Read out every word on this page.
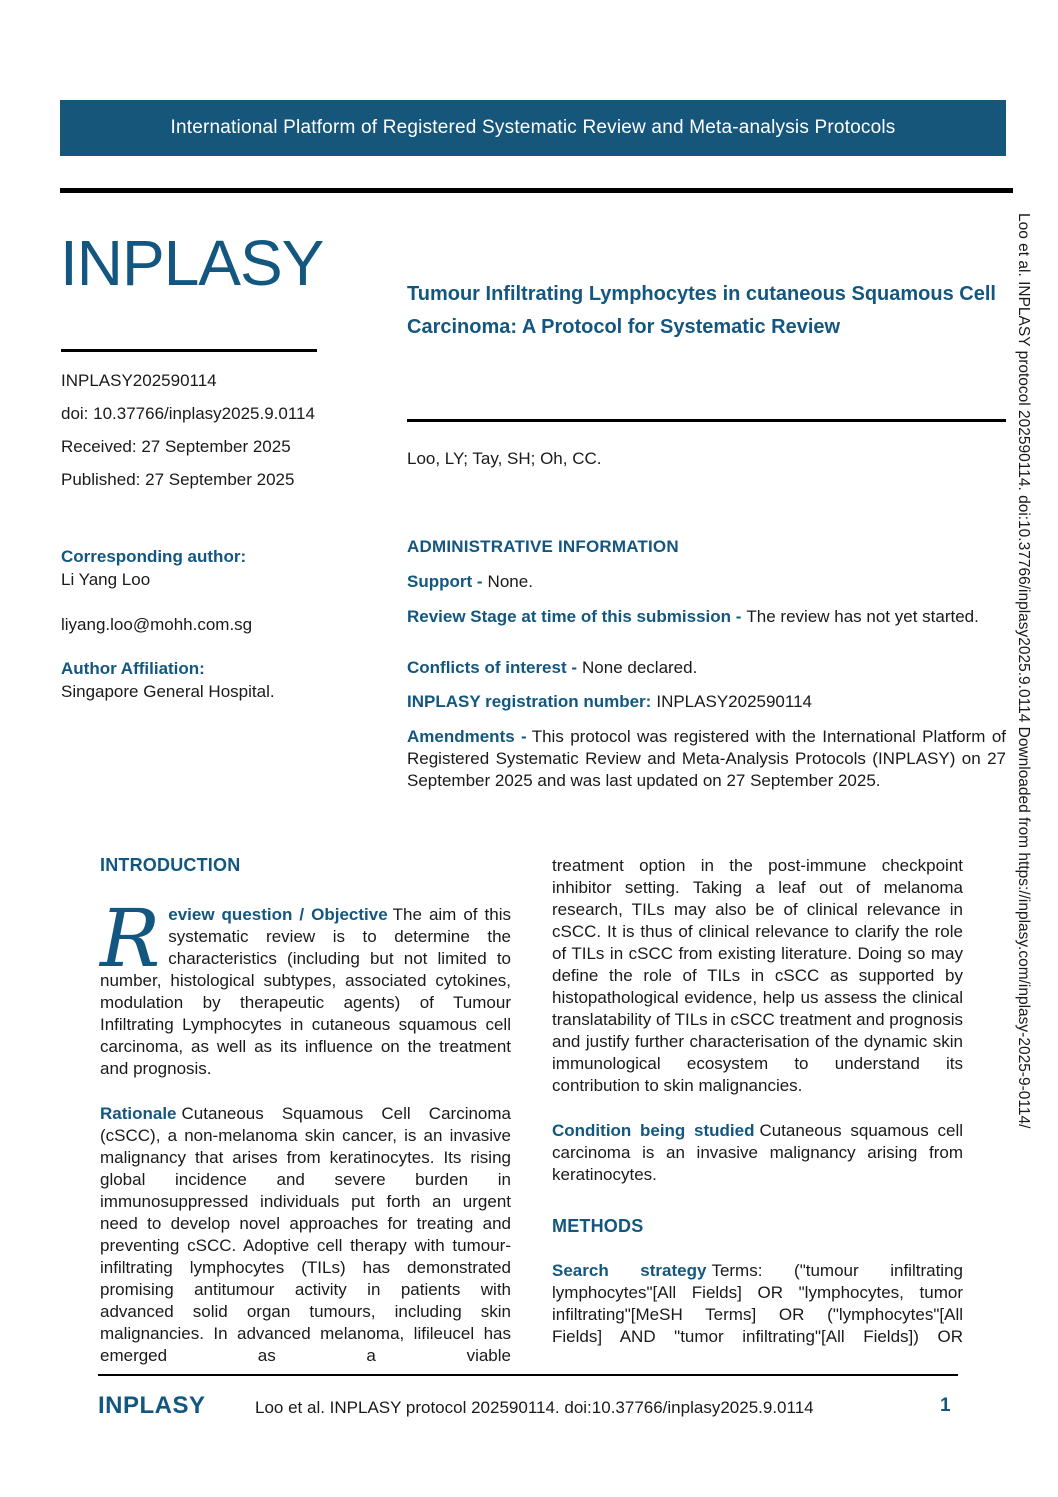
International Platform of Registered Systematic Review and Meta-analysis Protocols
INPLASY
INPLASY202590114
doi: 10.37766/inplasy2025.9.0114
Received: 27 September 2025
Published: 27 September 2025
Corresponding author:
Li Yang Loo
liyang.loo@mohh.com.sg
Author Affiliation:
Singapore General Hospital.
Tumour Infiltrating Lymphocytes in cutaneous Squamous Cell Carcinoma: A Protocol for Systematic Review
Loo, LY; Tay, SH; Oh, CC.
ADMINISTRATIVE INFORMATION
Support - None.
Review Stage at time of this submission - The review has not yet started.
Conflicts of interest - None declared.
INPLASY registration number: INPLASY202590114
Amendments - This protocol was registered with the International Platform of Registered Systematic Review and Meta-Analysis Protocols (INPLASY) on 27 September 2025 and was last updated on 27 September 2025.
INTRODUCTION

Review question / Objective The aim of this systematic review is to determine the characteristics (including but not limited to number, histological subtypes, associated cytokines, modulation by therapeutic agents) of Tumour Infiltrating Lymphocytes in cutaneous squamous cell carcinoma, as well as its influence on the treatment and prognosis.

Rationale Cutaneous Squamous Cell Carcinoma (cSCC), a non-melanoma skin cancer, is an invasive malignancy that arises from keratinocytes. Its rising global incidence and severe burden in immunosuppressed individuals put forth an urgent need to develop novel approaches for treating and preventing cSCC. Adoptive cell therapy with tumour-infiltrating lymphocytes (TILs) has demonstrated promising antitumour activity in patients with advanced solid organ tumours, including skin malignancies. In advanced melanoma, lifileucel has emerged as a viable

treatment option in the post-immune checkpoint inhibitor setting. Taking a leaf out of melanoma research, TILs may also be of clinical relevance in cSCC. It is thus of clinical relevance to clarify the role of TILs in cSCC from existing literature. Doing so may define the role of TILs in cSCC as supported by histopathological evidence, help us assess the clinical translatability of TILs in cSCC treatment and prognosis and justify further characterisation of the dynamic skin immunological ecosystem to understand its contribution to skin malignancies.

Condition being studied Cutaneous squamous cell carcinoma is an invasive malignancy arising from keratinocytes.

METHODS

Search strategy Terms: ("tumour infiltrating lymphocytes"[All Fields] OR "lymphocytes, tumor infiltrating"[MeSH Terms] OR ("lymphocytes"[All Fields] AND "tumor infiltrating"[All Fields]) OR

Loo et al. INPLASY protocol 202590114. doi:10.37766/inplasy2025.9.0114 Downloaded from https://inplasy.com/inplasy-2025-9-0114/
INPLASY	Loo et al. INPLASY protocol 202590114. doi:10.37766/inplasy2025.9.0114	1
